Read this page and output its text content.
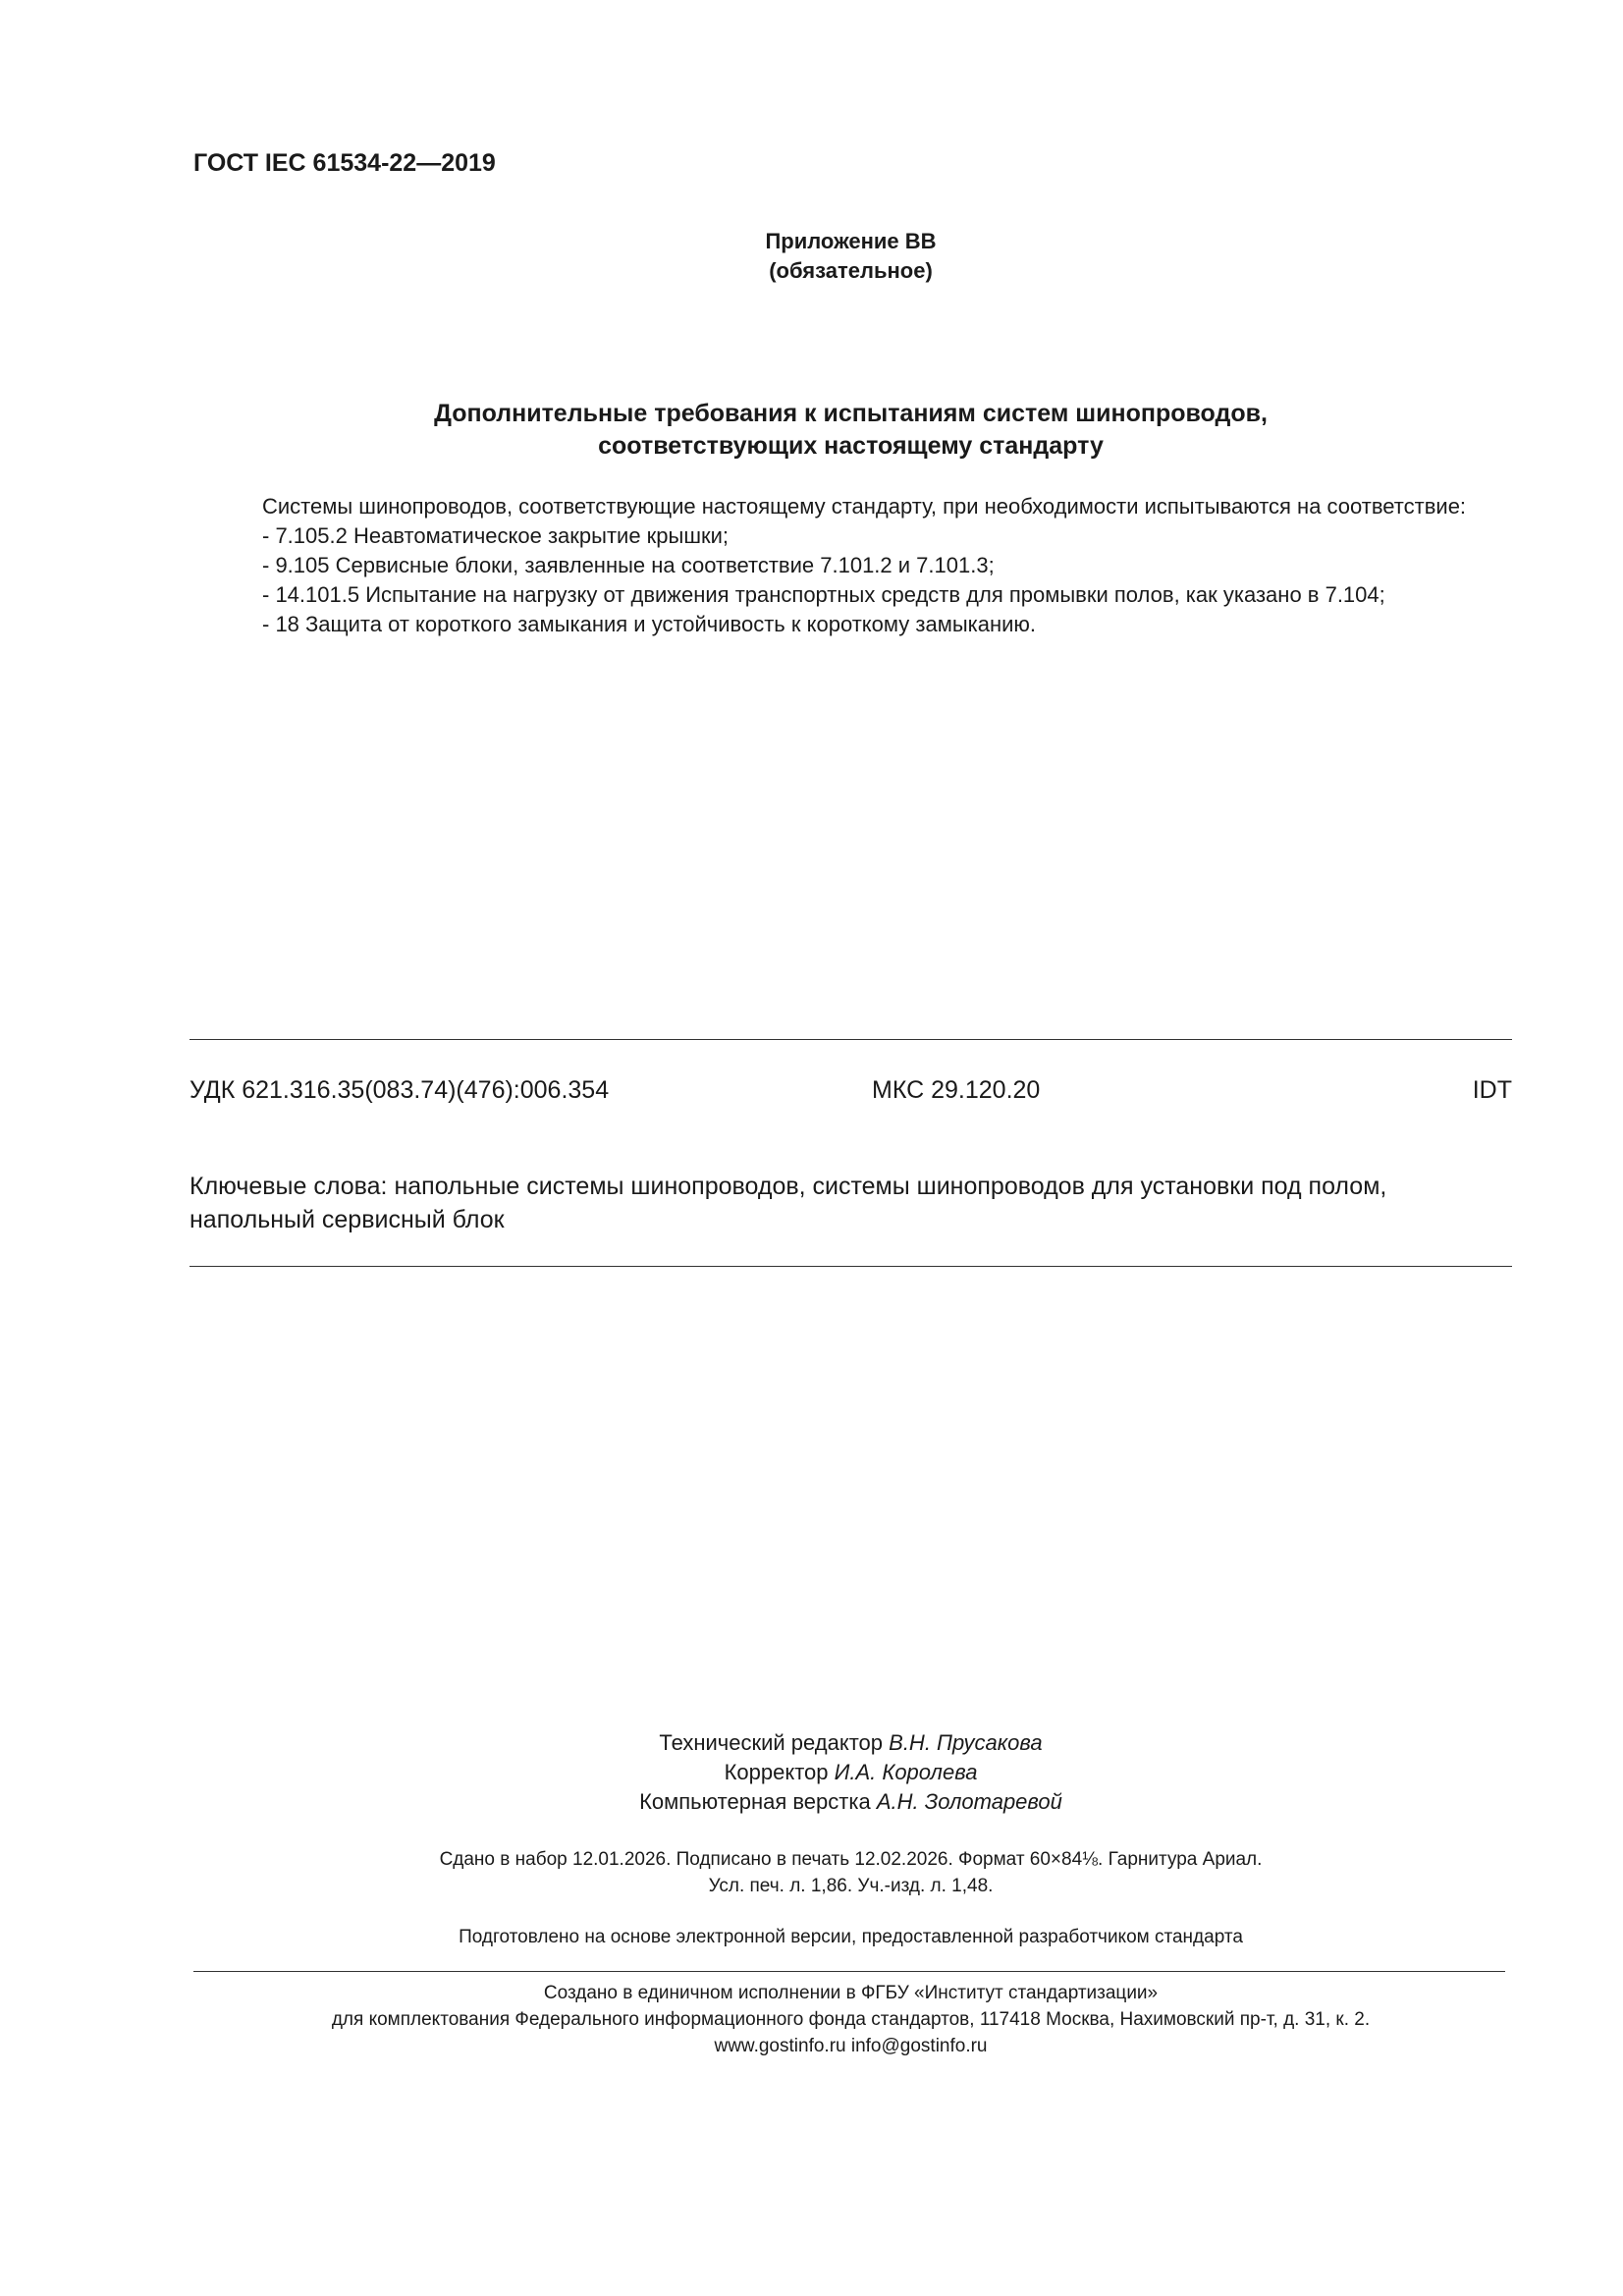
ГОСТ IEC 61534-22—2019
Приложение ВВ
(обязательное)
Дополнительные требования к испытаниям систем шинопроводов,
соответствующих настоящему стандарту

Системы шинопроводов, соответствующие настоящему стандарту, при необходимости испытываются на соответствие:

- 7.105.2 Неавтоматическое закрытие крышки;

- 9.105 Сервисные блоки, заявленные на соответствие 7.101.2 и 7.101.3;

- 14.101.5 Испытание на нагрузку от движения транспортных средств для промывки полов, как указано в 7.104;

- 18 Защита от короткого замыкания и устойчивость к короткому замыканию.

УДК 621.316.35(083.74)(476):006.354	МКС 29.120.20	IDT
Ключевые слова: напольные системы шинопроводов, системы шинопроводов для установки под полом, напольный сервисный блок
Технический редактор В.Н. Прусакова
Корректор И.А. Королева
Компьютерная верстка А.Н. Золотаревой
Сдано в набор 12.01.2026. Подписано в печать 12.02.2026. Формат 60×84⅛. Гарнитура Ариал.
Усл. печ. л. 1,86. Уч.-изд. л. 1,48.
Подготовлено на основе электронной версии, предоставленной разработчиком стандарта
Создано в единичном исполнении в ФГБУ «Институт стандартизации»
для комплектования Федерального информационного фонда стандартов, 117418 Москва, Нахимовский пр-т, д. 31, к. 2.
www.gostinfo.ru info@gostinfo.ru
